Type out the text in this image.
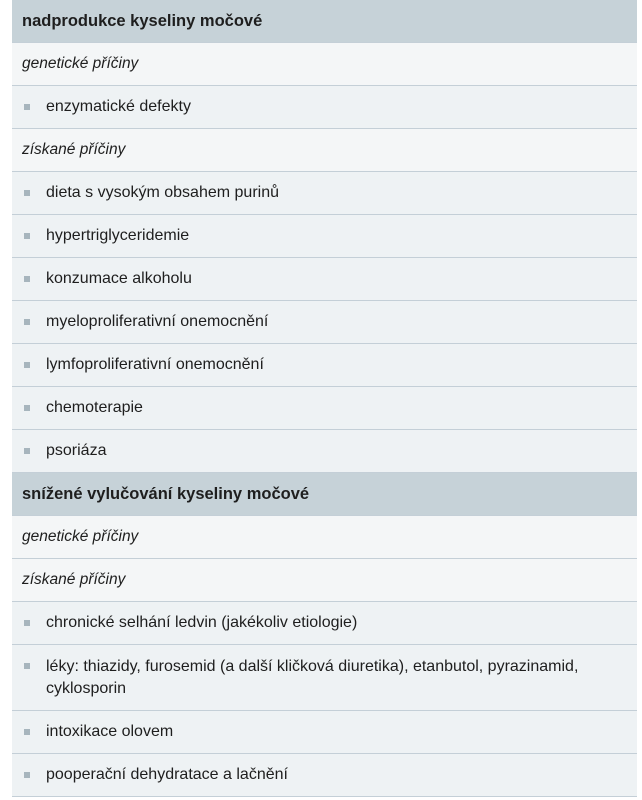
nadprodukce kyseliny močové
genetické příčiny
enzymatické defekty
získané příčiny
dieta s vysokým obsahem purinů
hypertriglyceridemie
konzumace alkoholu
myeloproliferativní onemocnění
lymfoproliferativní onemocnění
chemoterapie
psoriáza
snížené vylučování kyseliny močové
genetické příčiny
získané příčiny
chronické selhání ledvin (jakékoliv etiologie)
léky: thiazidy, furosemid (a další kličková diuretika), etanbutol, pyrazinamid, cyklosporin
intoxikace olovem
pooperační dehydratace a lačnění
